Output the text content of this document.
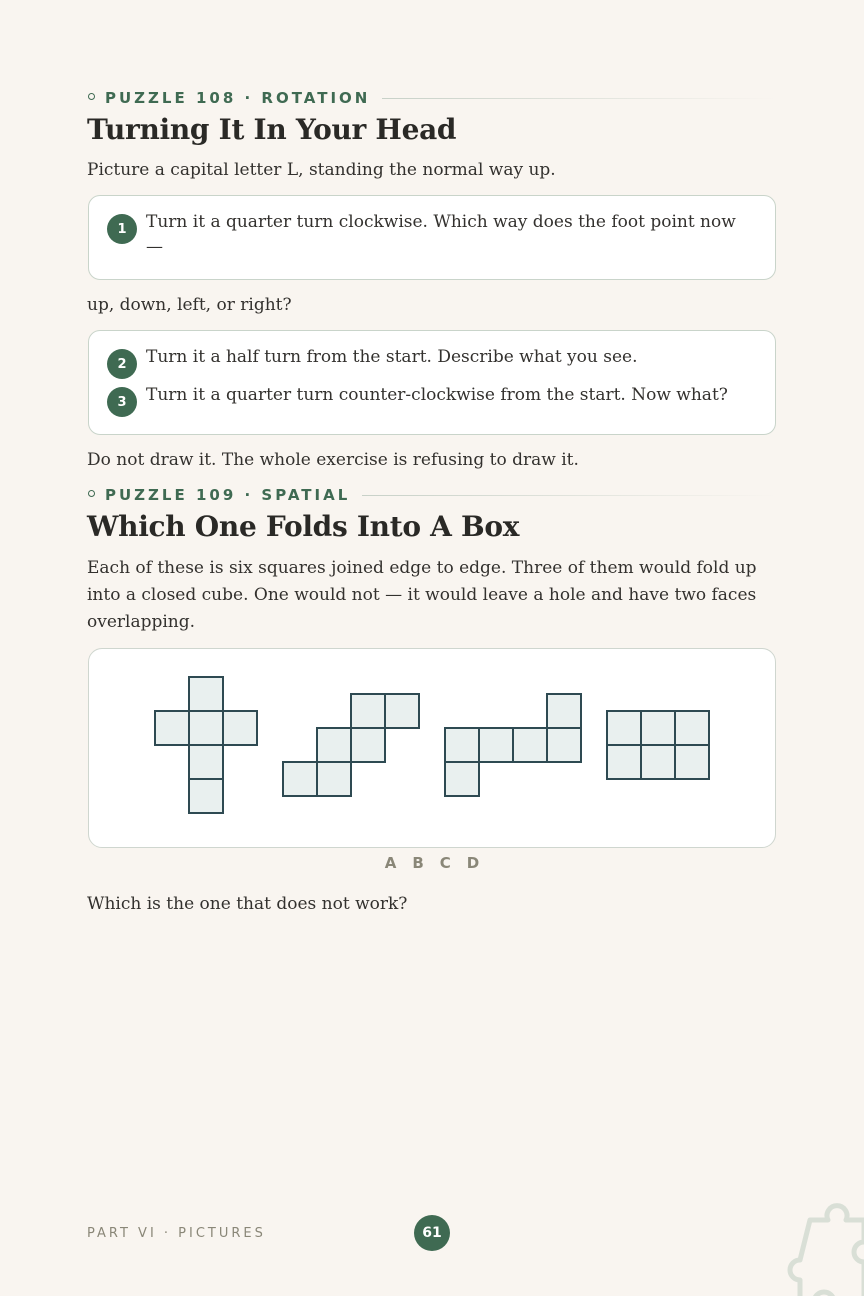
PUZZLE 108 · ROTATION
Turning It In Your Head

Picture a capital letter L, standing the normal way up.

1	Turn it a quarter turn clockwise. Which way does the foot point now —

up, down, left, or right?

2	Turn it a half turn from the start. Describe what you see.
3	Turn it a quarter turn counter-clockwise from the start. Now what?

Do not draw it. The whole exercise is refusing to draw it.

PUZZLE 109 · SPATIAL
Which One Folds Into A Box

Each of these is six squares joined edge to edge. Three of them would fold up into a closed cube. One would not — it would leave a hole and have two faces overlapping.

A B C D

Which is the one that does not work?

PART VI · PICTURES	61
